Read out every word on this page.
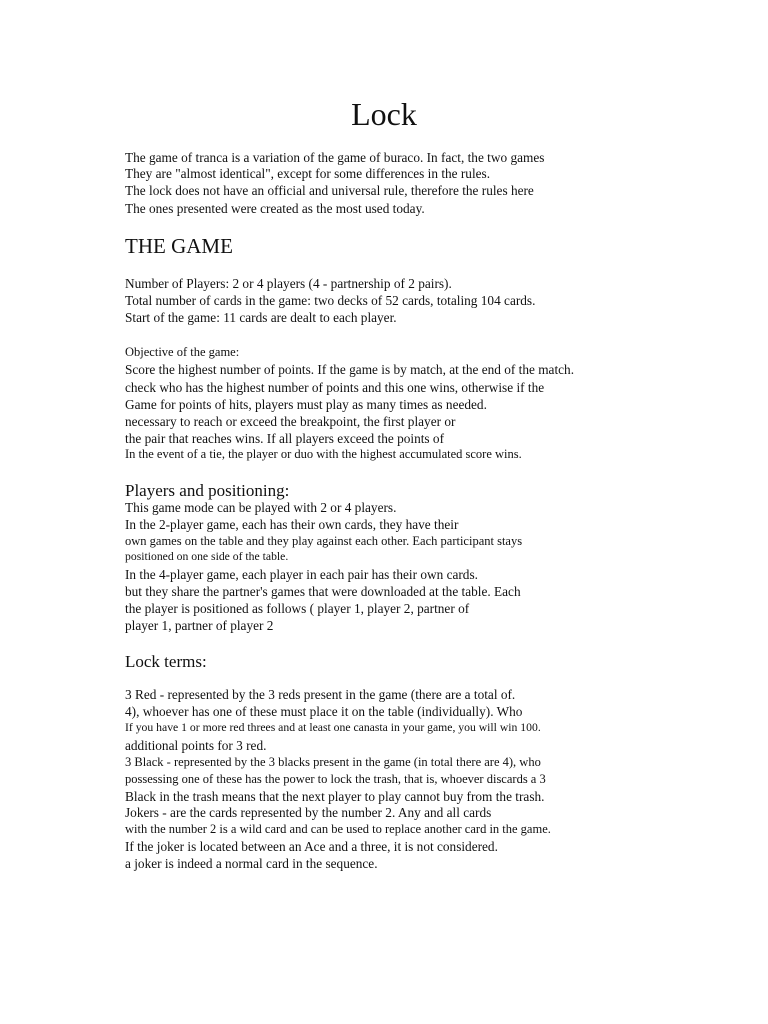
Lock
The game of tranca is a variation of the game of buraco. In fact, the two games
They are "almost identical", except for some differences in the rules.
The lock does not have an official and universal rule, therefore the rules here
The ones presented were created as the most used today.
THE GAME
Number of Players: 2 or 4 players (4 - partnership of 2 pairs).
Total number of cards in the game: two decks of 52 cards, totaling 104 cards.
Start of the game: 11 cards are dealt to each player.
Objective of the game:
Score the highest number of points. If the game is by match, at the end of the match.
check who has the highest number of points and this one wins, otherwise if the
Game for points of hits, players must play as many times as needed.
necessary to reach or exceed the breakpoint, the first player or
the pair that reaches wins. If all players exceed the points of
In the event of a tie, the player or duo with the highest accumulated score wins.
Players and positioning:
This game mode can be played with 2 or 4 players.
In the 2-player game, each has their own cards, they have their
own games on the table and they play against each other. Each participant stays
positioned on one side of the table.
In the 4-player game, each player in each pair has their own cards.
but they share the partner's games that were downloaded at the table. Each
the player is positioned as follows ( player 1, player 2, partner of
player 1, partner of player 2
Lock terms:
3 Red - represented by the 3 reds present in the game (there are a total of.
4), whoever has one of these must place it on the table (individually). Who
If you have 1 or more red threes and at least one canasta in your game, you will win 100.
additional points for 3 red.
3 Black - represented by the 3 blacks present in the game (in total there are 4), who
possessing one of these has the power to lock the trash, that is, whoever discards a 3
Black in the trash means that the next player to play cannot buy from the trash.
Jokers - are the cards represented by the number 2. Any and all cards
with the number 2 is a wild card and can be used to replace another card in the game.
If the joker is located between an Ace and a three, it is not considered.
a joker is indeed a normal card in the sequence.
